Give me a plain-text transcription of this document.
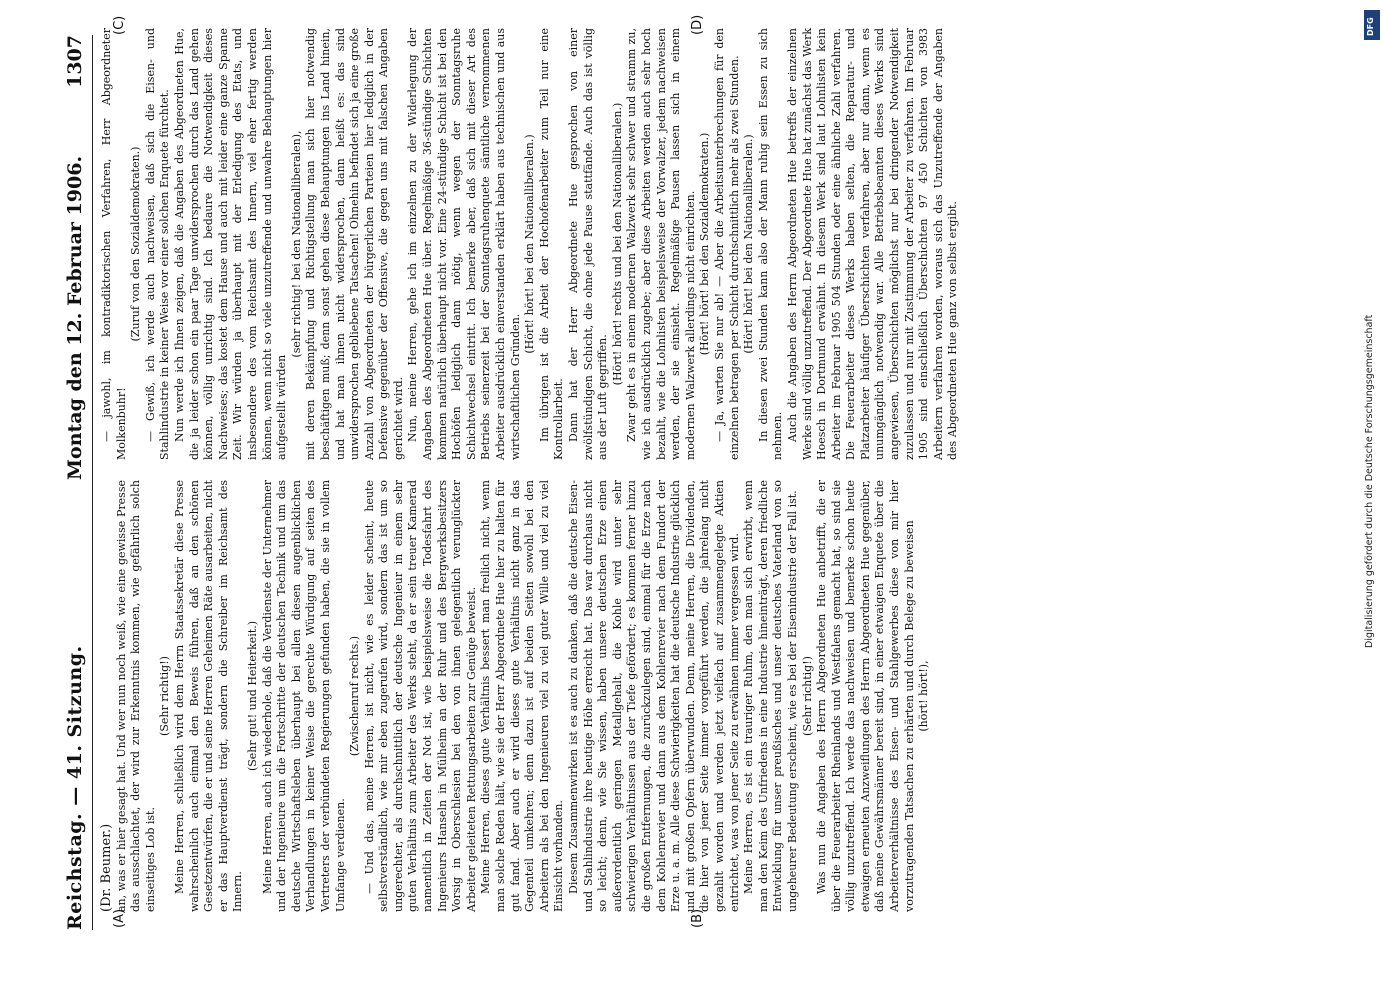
Reichstag. — 41. Sitzung.
Montag den 12. Februar 1906.
1307
(A)	(B)
(C)	(D)

(Dr. Beumer.) an, was er hier gesagt hat. Und wer nun noch weiß, wie eine gewisse Presse das ausschlachtet, der wird zur Erkenntnis kommen, wie gefährlich solch einseitiges Lob ist.

(Sehr richtig!) Meine Herren, schließlich wird dem Herrn Staatssekretär diese Presse wahrscheinlich auch einmal den Beweis führen, daß an den schönen Gesetzentwürfen, die er und seine Herren Geheimen Räte ausarbeiten, nicht er das Hauptverdienst trägt, sondern die Schreiber im Reichsamt des Innern.

(Sehr gut! und Heiterkeit.) Meine Herren, auch ich wiederhole, daß die Verdienste der Unternehmer und der Ingenieure um die Fortschritte der deutschen Technik und um das deutsche Wirtschaftsleben überhaupt bei allen diesen augenblicklichen Verhandlungen in keiner Weise die gerechte Würdigung auf seiten des Vertreters der verbündeten Regierungen gefunden haben, die sie in vollem Umfange verdienen.

(Zwischenruf rechts.) — Und das, meine Herren, ist nicht, wie es leider scheint, heute selbstverständlich, wie mir eben zugerufen wird, sondern das ist um so ungerechter, als durchschnittlich der deutsche Ingenieur in einem sehr guten Verhältnis zum Arbeiter des Werks steht, da er sein treuer Kamerad namentlich in Zeiten der Not ist, wie beispielsweise die Todesfahrt des Ingenieurs Hanseln in Mülheim an der Ruhr und des Bergwerksbesitzers Vorsig in Oberschlesien bei den von ihnen gelegentlich verunglückter Arbeiter geleiteten Rettungsarbeiten zur Genüge beweist. Meine Herren, dieses gute Verhältnis bessert man freilich nicht, wenn man solche Reden hält, wie sie der Herr Abgeordnete Hue hier zu halten für gut fand. Aber auch er wird dieses gute Verhältnis nicht ganz in das Gegenteil umkehren; denn dazu ist auf beiden Seiten sowohl bei den Arbeitern als bei den Ingenieuren viel zu viel guter Wille und viel zu viel Einsicht vorhanden. Diesem Zusammenwirken ist es auch zu danken, daß die deutsche Eisen- und Stahlindustrie ihre heutige Höhe erreicht hat. Das war durchaus nicht so leicht; denn, wie Sie wissen, haben unsere deutschen Erze einen außerordentlich geringen Metallgehalt, die Kohle wird unter sehr schwierigen Verhältnissen aus der Tiefe gefördert; es kommen ferner hinzu die großen Entfernungen, die zurückzulegen sind, einmal für die Erze nach dem Kohlenrevier und dann aus dem Kohlenrevier nach dem Fundort der Erze u. a. m. Alle diese Schwierigkeiten hat die deutsche Industrie glücklich und mit großen Opfern überwunden. Denn, meine Herren, die Dividenden, die hier von jener Seite immer vorgeführt werden, die jahrelang nicht gezahlt worden und werden jetzt vielfach auf zusammengelegte Aktien entrichtet, was von jener Seite zu erwähnen immer vergessen wird. Meine Herren, es ist ein trauriger Ruhm, den man sich erwirbt, wenn man den Keim des Unfriedens in eine Industrie hineinträgt, deren friedliche Entwicklung für unser preußisches und unser deutsches Vaterland von so ungeheurer Bedeutung erscheint, wie es bei der Eisenindustrie der Fall ist. (Sehr richtig!) Was nun die Angaben des Herrn Abgeordneten Hue anbetrifft, die er über die Feuerarbeiter Rheinlands und Westfalens gemacht hat, so sind sie völlig unzutreffend. Ich werde das nachweisen und bemerke schon heute etwaigen erneuten Anzweiflungen des Herrn Abgeordneten Hue gegenüber, daß meine Gewährsmänner bereit sind, in einer etwaigen Enquete über die Arbeiterverhältnisse des Eisen- und Stahlgewerbes diese von mir hier vorzutragenden Tatsachen zu erhärten und durch Belege zu beweisen (hört! hört!),

— jawohl, im kontradiktorischen Verfahren, Herr Abgeordneter Molkenbuhr!

(Zuruf von den Sozialdemokraten.) — Gewiß, ich werde auch nachweisen, daß sich die Eisen- und Stahlindustrie in keiner Weise vor einer solchen Enquete fürchtet. Nun werde ich Ihnen zeigen, daß die Angaben des Abgeordneten Hue, die ja leider schon ein paar Tage unwidersprochen durch das Land gehen können, völlig unrichtig sind. Ich bedaure die Notwendigkeit dieses Nachweises; das kostet dem Hause und auch mit leider eine ganze Spanne Zeit. Wir würden ja überhaupt mit der Erledigung des Etats, und insbesondere des vom Reichsamt des Innern, viel eher fertig werden können, wenn nicht so viele unzutreffende und unwahre Behauptungen hier aufgestellt würden

(sehr richtig! bei den Nationalliberalen), mit deren Bekämpfung und Richtigstellung man sich hier notwendig beschäftigen muß; denn sonst gehen diese Behauptungen ins Land hinein, und hat man ihnen nicht widersprochen, dann heißt es: das sind unwidersprochen gebliebene Tatsachen! Ohnehin befindet sich ja eine große Anzahl von Abgeordneten der bürgerlichen Parteien hier lediglich in der Defensive gegenüber der Offensive, die gegen uns mit falschen Angaben gerichtet wird. Nun, meine Herren, gehe ich im einzelnen zu der Widerlegung der Angaben des Abgeordneten Hue über. Regelmäßige 36-stündige Schichten kommen natürlich überhaupt nicht vor. Eine 24-stündige Schicht ist bei den Hochöfen lediglich dann nötig, wenn wegen der Sonntagsruhe Schichtwechsel eintritt. Ich bemerke aber, daß sich mit dieser Art des Betriebs seinerzeit bei der Sonntagsruhenquete sämtliche vernommenen Arbeiter ausdrücklich einverstanden erklärt haben aus technischen und aus wirtschaftlichen Gründen.

(Hört! hört! bei den Nationalliberalen.) Im übrigen ist die Arbeit der Hochofenarbeiter zum Teil nur eine Kontrollarbeit. Dann hat der Herr Abgeordnete Hue gesprochen von einer zwölfstündigen Schicht, die ohne jede Pause stattfände. Auch das ist völlig aus der Luft gegriffen.

(Hört! hört! rechts und bei den Nationalliberalen.) Zwar geht es in einem modernen Walzwerk sehr schwer und stramm zu, wie ich ausdrücklich zugebe; aber diese Arbeiten werden auch sehr hoch bezahlt, wie die Lohnlisten beispielsweise der Vorwalzer, jedem nachweisen werden, der sie einsieht. Regelmäßige Pausen lassen sich in einem modernen Walzwerk allerdings nicht einrichten. (Hört! hört! bei den Sozialdemokraten.) — Ja, warten Sie nur ab! — Aber die Arbeitsunterbrechungen für den einzelnen betragen per Schicht durchschnittlich mehr als zwei Stunden. (Hört! hört! bei den Nationalliberalen.) In diesen zwei Stunden kann also der Mann ruhig sein Essen zu sich nehmen. Auch die Angaben des Herrn Abgeordneten Hue betreffs der einzelnen Werke sind völlig unzutreffend. Der Abgeordnete Hue hat zunächst das Werk Hoesch in Dortmund erwähnt. In diesem Werk sind laut Lohnlisten kein Arbeiter im Februar 1905 504 Stunden oder eine ähnliche Zahl verfahren. Die Feuerarbeiter dieses Werks haben selten, die Reparatur- und Platzarbeiter häufiger Überschichten verfahren, aber nur dann, wenn es unumgänglich notwendig war. Alle Betriebsbeamten dieses Werks sind angewiesen, Überschichten möglichst nur bei dringender Notwendigkeit zuzulassen und nur mit Zustimmung der Arbeiter zu verfahren. Im Februar 1905 sind einschließlich Überschichten 97 450 Schichten von 3983 Arbeitern verfahren worden, woraus sich das Unzutreffende der Angaben des Abgeordneten Hue ganz von selbst ergibt.

DFG
Digitalisierung gefördert durch die Deutsche Forschungsgemeinschaft
